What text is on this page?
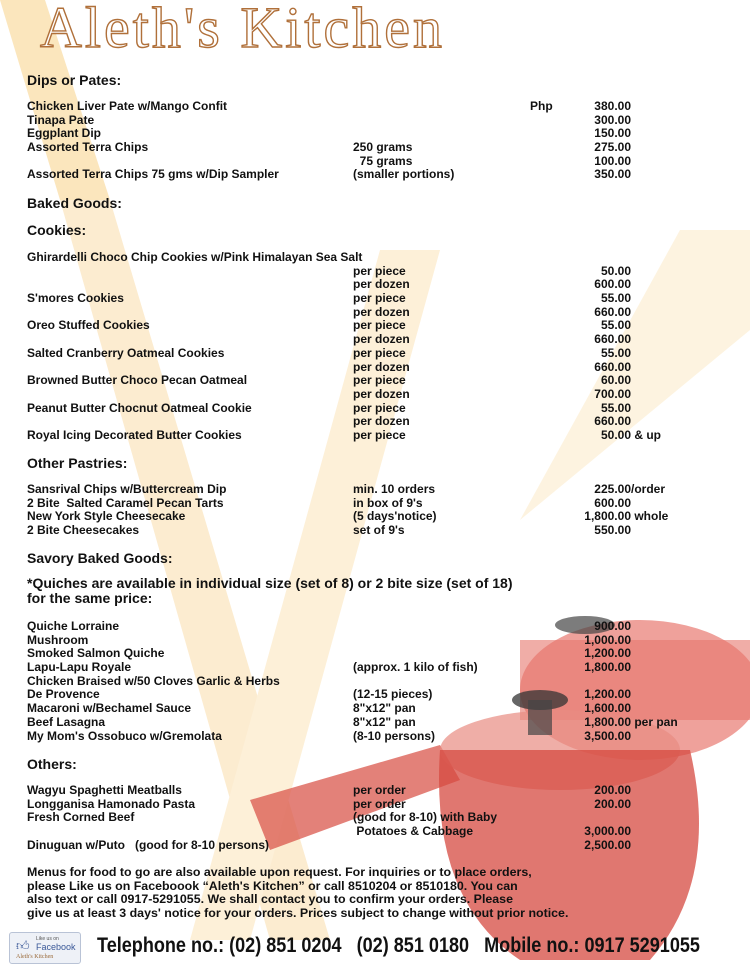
Aleth's Kitchen
Dips or Pates:
Chicken Liver Pate w/Mango Confit	Php	380.00
Tinapa Pate	300.00
Eggplant Dip	150.00
Assorted Terra Chips	250 grams	275.00
75 grams	100.00
Assorted Terra Chips 75 gms w/Dip Sampler	(smaller portions)	350.00
Baked Goods:
Cookies:
Ghirardelli Choco Chip Cookies w/Pink Himalayan Sea Salt
per piece	50.00
per dozen	600.00
S'mores Cookies	per piece	55.00
per dozen	660.00
Oreo Stuffed Cookies	per piece	55.00
per dozen	660.00
Salted Cranberry Oatmeal Cookies	per piece	55.00
per dozen	660.00
Browned Butter Choco Pecan Oatmeal	per piece	60.00
per dozen	700.00
Peanut Butter Chocnut Oatmeal Cookie	per piece	55.00
per dozen	660.00
Royal Icing Decorated Butter Cookies	per piece	50.00 & up
Other Pastries:
Sansrival Chips w/Buttercream Dip	min. 10 orders	225.00 /order
2 Bite  Salted Caramel Pecan Tarts	in box of 9's	600.00
New York Style Cheesecake	(5 days'notice)	1,800.00 whole
2 Bite Cheesecakes	set of 9's	550.00
Savory Baked Goods:
*Quiches are available in individual size (set of 8) or 2 bite size (set of 18)
for the same price:
Quiche Lorraine	900.00
Mushroom	1,000.00
Smoked Salmon Quiche	1,200.00
Lapu-Lapu Royale	(approx. 1 kilo of fish)	1,800.00
Chicken Braised w/50 Cloves Garlic & Herbs
De Provence	(12-15 pieces)	1,200.00
Macaroni w/Bechamel Sauce	8"x12" pan	1,600.00
Beef Lasagna	8"x12" pan	1,800.00 per pan
My Mom's Ossobuco w/Gremolata	(8-10 persons)	3,500.00
Others:
Wagyu Spaghetti Meatballs	per order	200.00
Longganisa Hamonado Pasta	per order	200.00
Fresh Corned Beef	(good for 8-10) with Baby
Potatoes & Cabbage	3,000.00
Dinuguan w/Puto   (good for 8-10 persons)	2,500.00
Menus for food to go are also available upon request. For inquiries or to place orders,
please Like us on Faceboook “Aleth's Kitchen” or call 8510204 or 8510180. You can
also text or call 0917-5291055. We shall contact you to confirm your orders. Please
give us at least 3 days' notice for your orders. Prices subject to change without prior notice.
👍︎ Like us on
Facebook
Aleth's Kitchen Telephone no.: (02) 851 0204   (02) 851 0180   Mobile no.: 0917 5291055
